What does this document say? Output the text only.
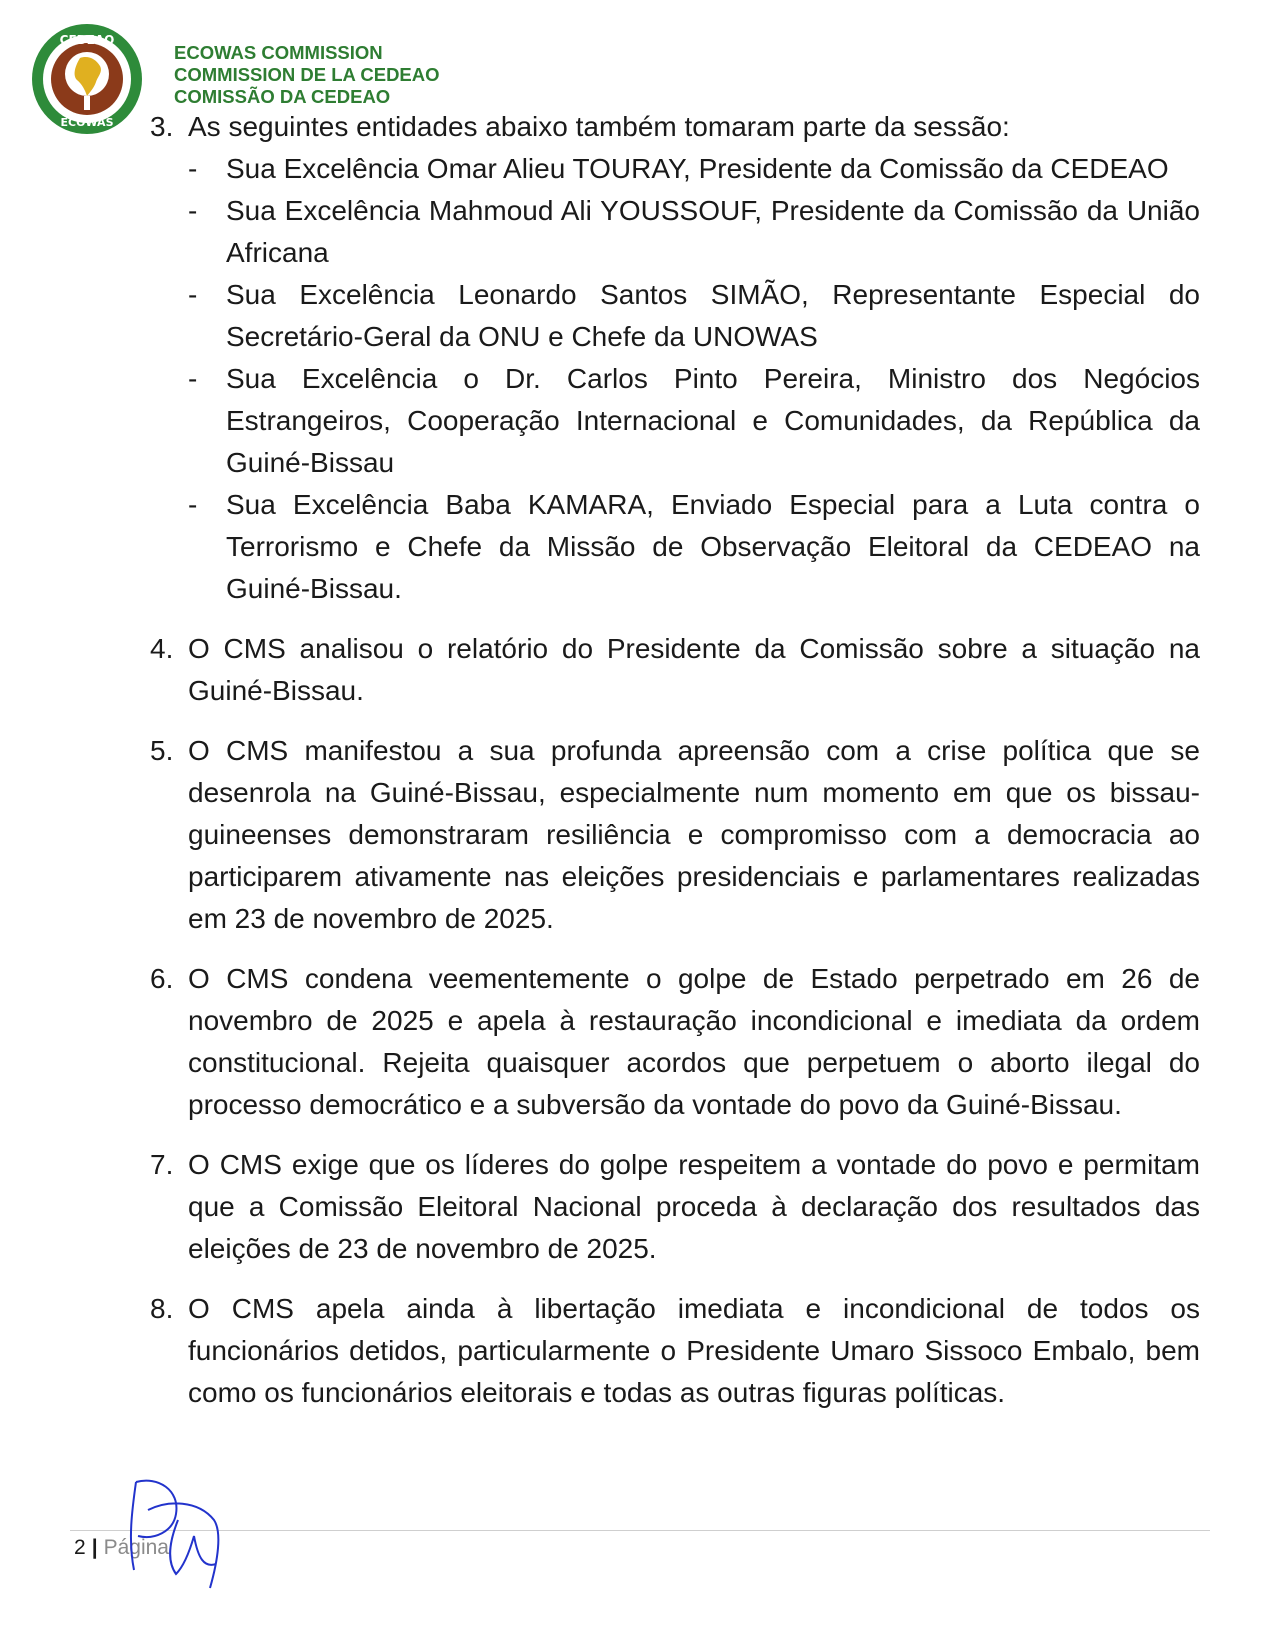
CEDEAO
ECOWAS
ECOWAS COMMISSION
COMMISSION DE LA CEDEAO
COMISSÃO DA CEDEAO
3. As seguintes entidades abaixo também tomaram parte da sessão:
- Sua Excelência Omar Alieu TOURAY, Presidente da Comissão da CEDEAO
- Sua Excelência Mahmoud Ali YOUSSOUF, Presidente da Comissão da União Africana
- Sua Excelência Leonardo Santos SIMÃO, Representante Especial do Secretário-Geral da ONU e Chefe da UNOWAS
- Sua Excelência o Dr. Carlos Pinto Pereira, Ministro dos Negócios Estrangeiros, Cooperação Internacional e Comunidades, da República da Guiné-Bissau
- Sua Excelência Baba KAMARA, Enviado Especial para a Luta contra o Terrorismo e Chefe da Missão de Observação Eleitoral da CEDEAO na Guiné-Bissau.
4. O CMS analisou o relatório do Presidente da Comissão sobre a situação na Guiné-Bissau.
5. O CMS manifestou a sua profunda apreensão com a crise política que se desenrola na Guiné-Bissau, especialmente num momento em que os bissau-guineenses demonstraram resiliência e compromisso com a democracia ao participarem ativamente nas eleições presidenciais e parlamentares realizadas em 23 de novembro de 2025.
6. O CMS condena veementemente o golpe de Estado perpetrado em 26 de novembro de 2025 e apela à restauração incondicional e imediata da ordem constitucional. Rejeita quaisquer acordos que perpetuem o aborto ilegal do processo democrático e a subversão da vontade do povo da Guiné-Bissau.
7. O CMS exige que os líderes do golpe respeitem a vontade do povo e permitam que a Comissão Eleitoral Nacional proceda à declaração dos resultados das eleições de 23 de novembro de 2025.
8. O CMS apela ainda à libertação imediata e incondicional de todos os funcionários detidos, particularmente o Presidente Umaro Sissoco Embalo, bem como os funcionários eleitorais e todas as outras figuras políticas.
2 | Página
